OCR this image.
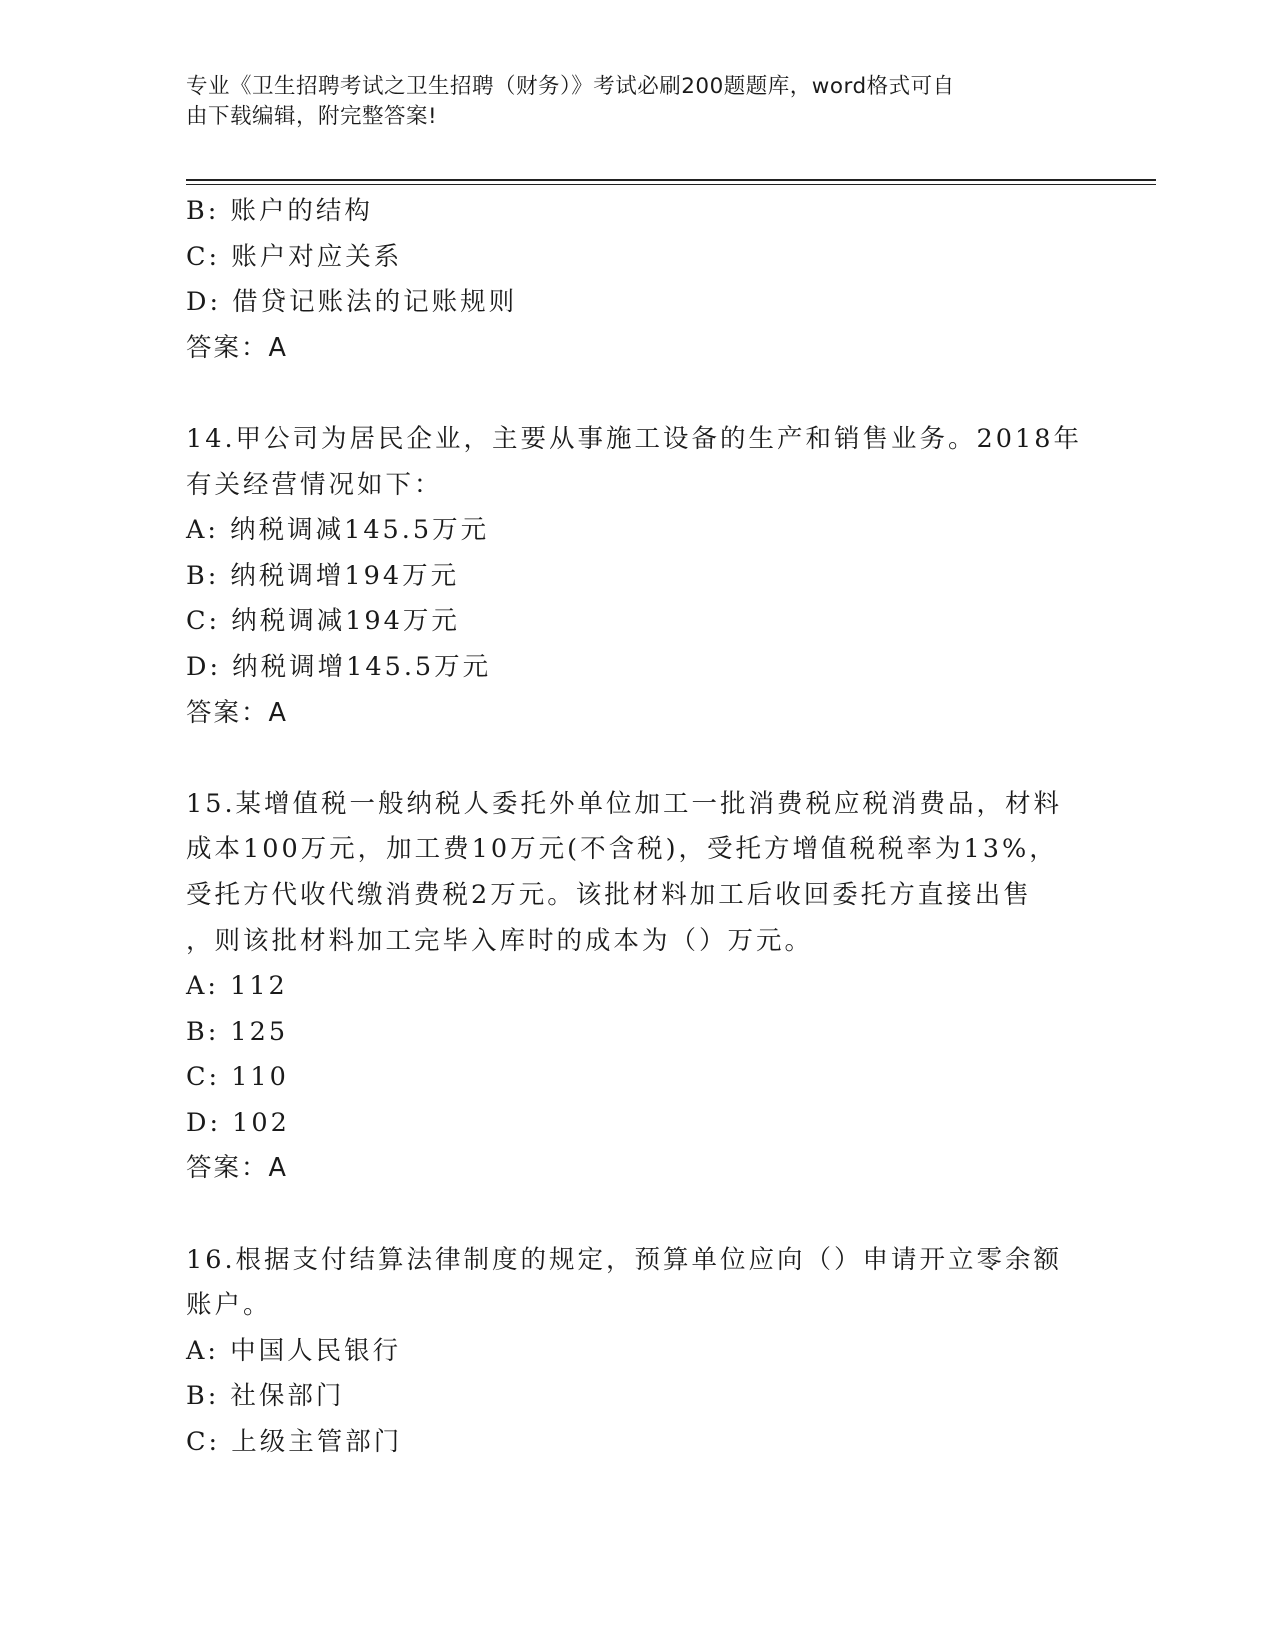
专业《卫生招聘考试之卫生招聘（财务）》考试必刷200题题库，word格式可自
由下载编辑，附完整答案!
B: 账户的结构
C: 账户对应关系
D: 借贷记账法的记账规则
答案：A
14.甲公司为居民企业，主要从事施工设备的生产和销售业务。2018年
有关经营情况如下：
A: 纳税调减145.5万元
B: 纳税调增194万元
C: 纳税调减194万元
D: 纳税调增145.5万元
答案：A
15.某增值税一般纳税人委托外单位加工一批消费税应税消费品，材料
成本100万元，加工费10万元(不含税)，受托方增值税税率为13%，
受托方代收代缴消费税2万元。该批材料加工后收回委托方直接出售
，则该批材料加工完毕入库时的成本为（）万元。
A: 112
B: 125
C: 110
D: 102
答案：A
16.根据支付结算法律制度的规定，预算单位应向（）申请开立零余额
账户。
A: 中国人民银行
B: 社保部门
C: 上级主管部门
